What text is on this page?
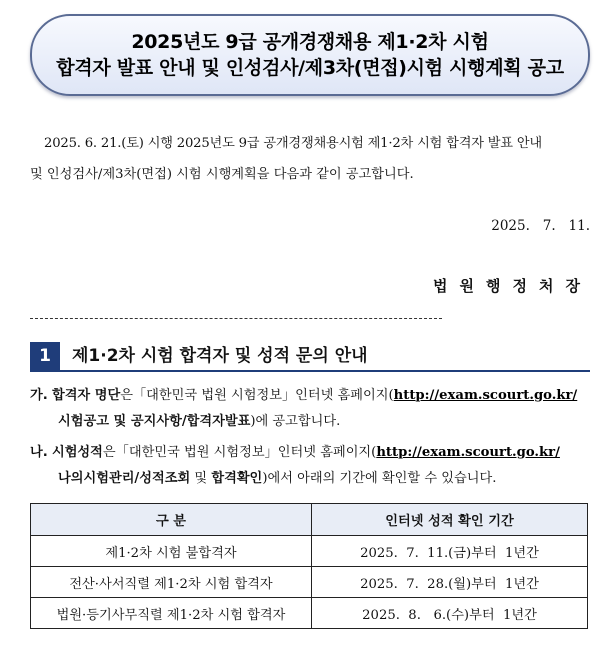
2025년도 9급 공개경쟁채용 제1·2차 시험
합격자 발표 안내 및 인성검사/제3차(면접)시험 시행계획 공고
2025. 6. 21.(토) 시행 2025년도 9급 공개경쟁채용시험 제1·2차 시험 합격자 발표 안내
및 인성검사/제3차(면접) 시험 시행계획을 다음과 같이 공고합니다.
2025.   7.   11.
법원행정처장
1	제1·2차 시험 합격자 및 성적 문의 안내
가. 합격자 명단은「대한민국 법원 시험정보」인터넷 홈페이지(http://exam.scourt.go.kr/
시험공고 및 공지사항/합격자발표)에 공고합니다.
나. 시험성적은「대한민국 법원 시험정보」인터넷 홈페이지(http://exam.scourt.go.kr/
나의시험관리/성적조회 및 합격확인)에서 아래의 기간에 확인할 수 있습니다.
구 분	인터넷 성적 확인 기간
제1·2차 시험 불합격자	2025.  7.  11.(금)부터  1년간
전산·사서직렬 제1·2차 시험 합격자	2025.  7.  28.(월)부터  1년간
법원·등기사무직렬 제1·2차 시험 합격자	2025.  8.   6.(수)부터  1년간
